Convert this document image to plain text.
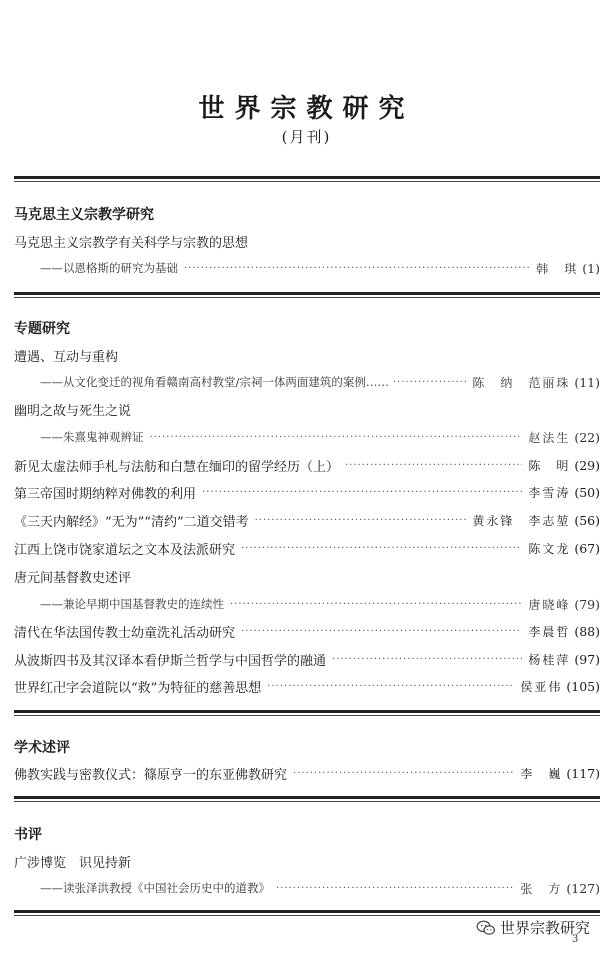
世界宗教研究
(月刊)
马克思主义宗教学研究
马克思主义宗教学有关科学与宗教的思想
——以恩格斯的研究为基础 ·····	韩　琪 (1)
专题研究
遭遇、互动与重构
——从文化变迁的视角看赣南高村教堂/宗祠一体两面建筑的案例…… ·····	陈　纳　范丽珠 (11)
幽明之故与死生之说
——朱熹鬼神观辨证 ·····	赵法生 (22)
新见太虚法师手札与法舫和白慧在缅印的留学经历（上） ·····	陈　明 (29)
第三帝国时期纳粹对佛教的利用 ·····	李雪涛 (50)
《三天内解经》“无为”“清约”二道交错考 ·····	黄永锋　李志堃 (56)
江西上饶市饶家道坛之文本及法派研究 ·····	陈文龙 (67)
唐元间基督教史述评
——兼论早期中国基督教史的连续性 ·····	唐晓峰 (79)
清代在华法国传教士幼童洗礼活动研究 ·····	李晨哲 (88)
从波斯四书及其汉译本看伊斯兰哲学与中国哲学的融通 ·····	杨桂萍 (97)
世界红卍字会道院以“救”为特征的慈善思想 ·····	侯亚伟 (105)
学术述评
佛教实践与密教仪式：篠原亨一的东亚佛教研究 ·····	李　巍 (117)
书评
广涉博览　识见持新
——读张泽洪教授《中国社会历史中的道教》 ·····	张　方 (127)
世界宗教研究
3
